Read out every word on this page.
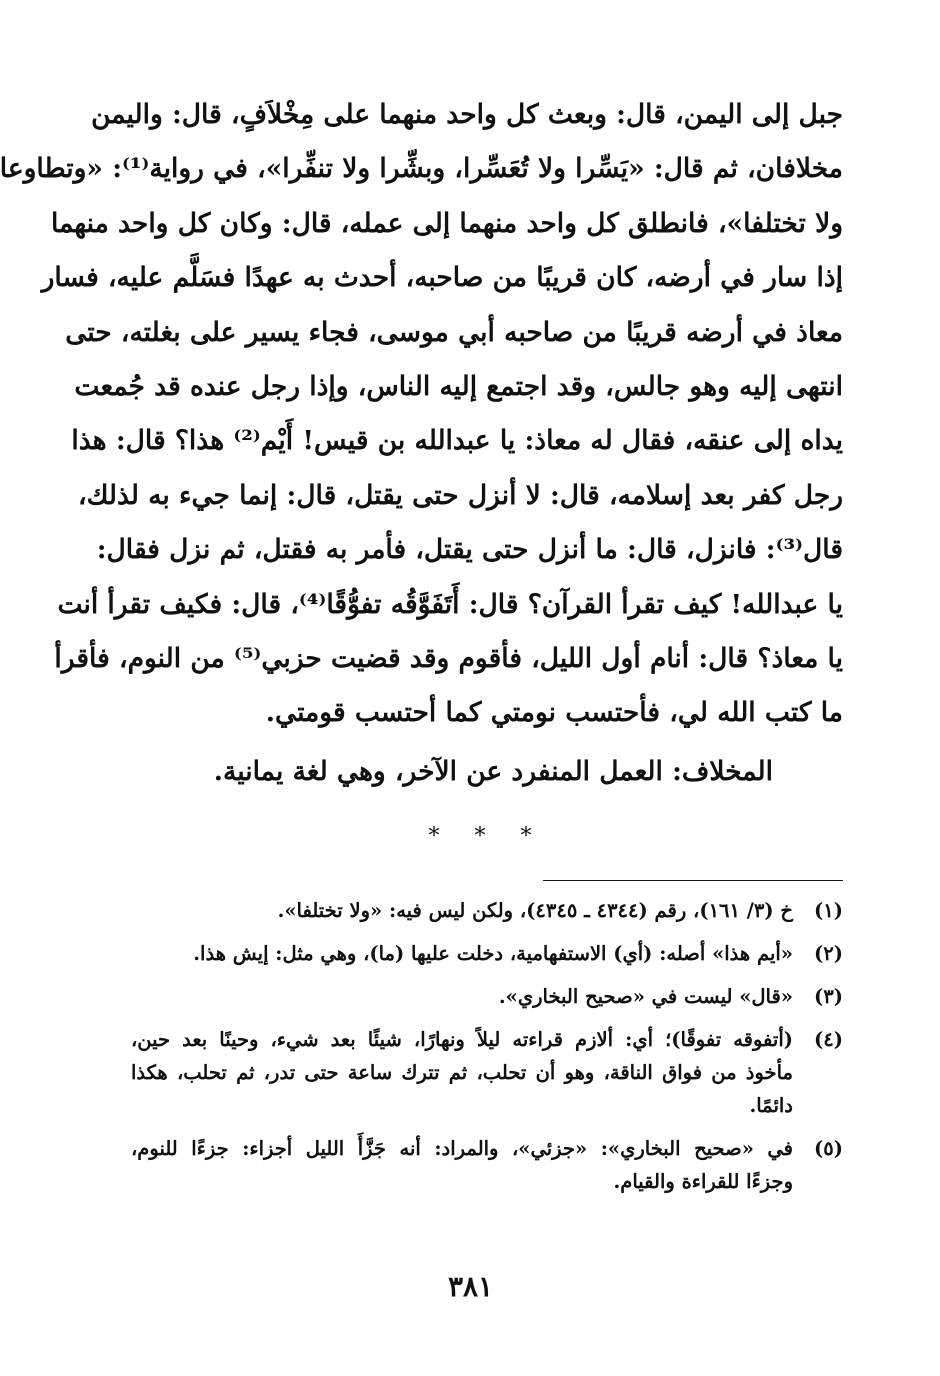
جبل إلى اليمن، قال: وبعث كل واحد منهما على مِخْلاَفٍ، قال: واليمن
مخلافان، ثم قال: «يَسِّرا ولا تُعَسِّرا، وبشِّرا ولا تنفِّرا»، في رواية⁽¹⁾: «وتطاوعا
ولا تختلفا»، فانطلق كل واحد منهما إلى عمله، قال: وكان كل واحد منهما
إذا سار في أرضه، كان قريبًا من صاحبه، أحدث به عهدًا فسَلَّم عليه، فسار
معاذ في أرضه قريبًا من صاحبه أبي موسى، فجاء يسير على بغلته، حتى
انتهى إليه وهو جالس، وقد اجتمع إليه الناس، وإذا رجل عنده قد جُمعت
يداه إلى عنقه، فقال له معاذ: يا عبدالله بن قيس! أَيْم⁽²⁾ هذا؟ قال: هذا
رجل كفر بعد إسلامه، قال: لا أنزل حتى يقتل، قال: إنما جيء به لذلك،
قال⁽³⁾: فانزل، قال: ما أنزل حتى يقتل، فأمر به فقتل، ثم نزل فقال:
يا عبدالله! كيف تقرأ القرآن؟ قال: أَتَفَوَّقُه تفوُّقًا⁽⁴⁾، قال: فكيف تقرأ أنت
يا معاذ؟ قال: أنام أول الليل، فأقوم وقد قضيت حزبي⁽⁵⁾ من النوم، فأقرأ
ما كتب الله لي، فأحتسب نومتي كما أحتسب قومتي.
المخلاف: العمل المنفرد عن الآخر، وهي لغة يمانية.
* * *
(١)
خ (٣/ ١٦١)، رقم (٤٣٤٤ ـ ٤٣٤٥)، ولكن ليس فيه: «ولا تختلفا».
(٢)
«أيم هذا» أصله: (أي) الاستفهامية، دخلت عليها (ما)، وهي مثل: إيش هذا.
(٣)
«قال» ليست في «صحيح البخاري».
(٤)
(أتفوقه تفوقًا)؛ أي: ألازم قراءته ليلاً ونهارًا، شيئًا بعد شيء، وحينًا بعد حين،
مأخوذ من فواق الناقة، وهو أن تحلب، ثم تترك ساعة حتى تدر، ثم تحلب، هكذا
دائمًا.
(٥)
في «صحيح البخاري»: «جزئي»، والمراد: أنه جَزَّأَ الليل أجزاء: جزءًا للنوم،
وجزءًا للقراءة والقيام.
٣٨١
